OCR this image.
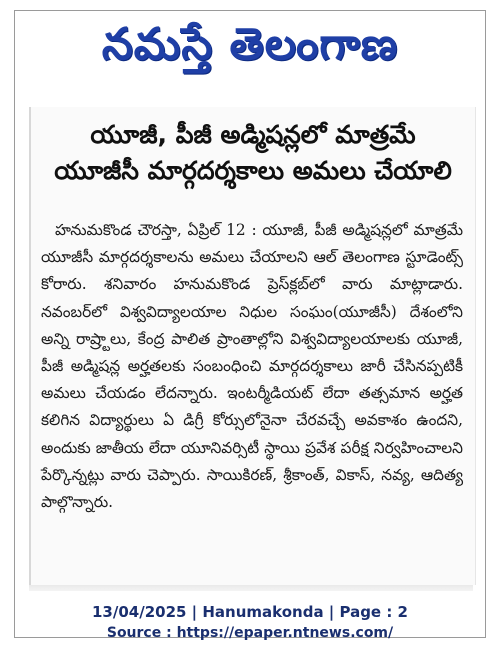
నమస్తే తెలంగాణ
యూజీ, పీజీ అడ్మిషన్లలో మాత్రమే
యూజీసీ మార్గదర్శకాలు అమలు చేయాలి

హనుమకొండ చౌరస్తా, ఏప్రిల్ 12 : యూజీ, పీజీ అడ్మిషన్లలో మాత్రమే యూజీసీ మార్గదర్శకాలను అమలు చేయాలని ఆల్ తెలంగాణ స్టూడెంట్స్ కోరారు. శనివారం హనుమకొండ ప్రెస్‌క్లబ్‌లో వారు మాట్లాడారు. నవంబర్‌లో విశ్వవిద్యాలయాల నిధుల సంఘం(యూజీసీ) దేశంలోని అన్ని రాష్ర్టాలు, కేంద్ర పాలిత ప్రాంతాల్లోని విశ్వవిద్యాలయాలకు యూజీ, పీజీ అడ్మిషన్ల అర్హతలకు సంబంధించి మార్గదర్శకాలు జారీ చేసినప్పటికీ అమలు చేయడం లేదన్నారు. ఇంటర్మీడియట్ లేదా తత్సమాన అర్హత కలిగిన విద్యార్థులు ఏ డిగ్రీ కోర్సులోనైనా చేరవచ్చే అవకాశం ఉందని, అందుకు జాతీయ లేదా యూనివర్సిటీ స్థాయి ప్రవేశ పరీక్ష నిర్వహించాలని పేర్కొన్నట్లు వారు చెప్పారు. సాయికిరణ్, శ్రీకాంత్, వికాస్, నవ్య, ఆదిత్య పాల్గొన్నారు.

13/04/2025 | Hanumakonda | Page : 2
Source : https://epaper.ntnews.com/
